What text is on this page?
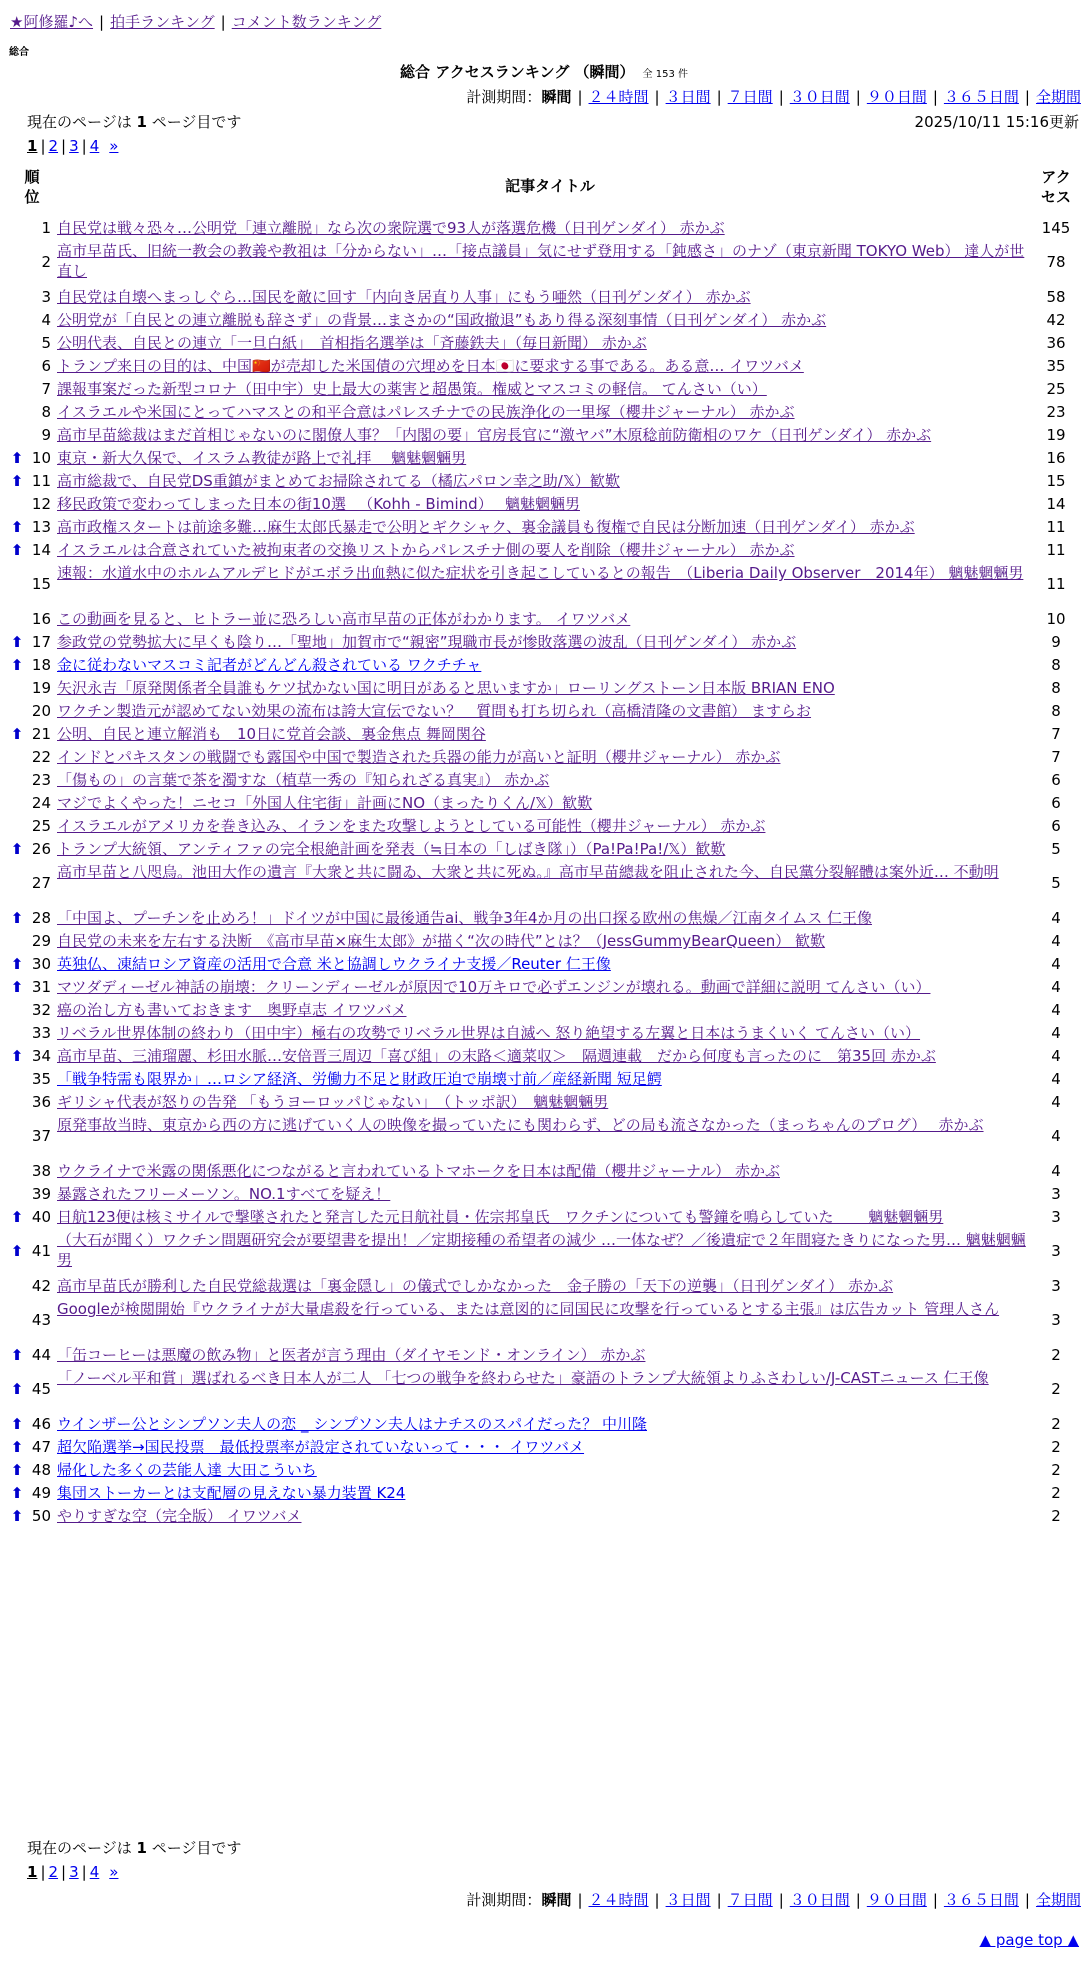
★阿修羅♪へ | 拍手ランキング | コメント数ランキング
総合
総合 アクセスランキング （瞬間） 全 153 件
計測期間：瞬間 | ２４時間 | ３日間 | ７日間 | ３０日間 | ９０日間 | ３６５日間 | 全期間
現在のページは 1 ページ目です	2025/10/11 15:16更新
1 | 2 | 3 | 4 »
順
位
記事タイトル	アク
セス
1 自民党は戦々恐々…公明党「連立離脱」なら次の衆院選で93人が落選危機（日刊ゲンダイ） 赤かぶ	145
2
高市早苗氏、旧統一教会の教義や教祖は「分からない」…「接点議員」気にせず登用する「鈍感さ」のナゾ（東京新聞 TOKYO Web） 達人が世直し	78
3 自民党は自壊へまっしぐら…国民を敵に回す「内向き居直り人事」にもう唖然（日刊ゲンダイ） 赤かぶ	58
4 公明党が「自民との連立離脱も辞さず」の背景…まさかの“国政撤退”もあり得る深刻事情（日刊ゲンダイ） 赤かぶ	42
5 公明代表、自民との連立「一旦白紙」　首相指名選挙は「斉藤鉄夫」（毎日新聞） 赤かぶ	36
6 トランプ来日の目的は、中国🇨🇳が売却した米国債の穴埋めを日本🇯🇵に要求する事である。ある意… イワツバメ	35
7 課報事案だった新型コロナ（田中宇）史上最大の薬害と超愚策。権威とマスコミの軽信。 てんさい（い）	25
8 イスラエルや米国にとってハマスとの和平合意はパレスチナでの民族浄化の一里塚（櫻井ジャーナル） 赤かぶ	23
9 高市早苗総裁はまだ首相じゃないのに閣僚人事？「内閣の要」官房長官に“激ヤバ”木原稔前防衛相のワケ（日刊ゲンダイ） 赤かぶ	19
⬆ 10 東京・新大久保で、イスラム教徒が路上で礼拝　 魑魅魍魎男	16
⬆ 11 高市総裁で、自民党DS重鎮がまとめてお掃除されてる（橘広パロン幸之助/𝕏）歓歎	15
12 移民政策で変わってしまった日本の街10選 　（Kohh - Bimind）　 魑魅魍魎男	14
⬆ 13 高市政権スタートは前途多難…麻生太郎氏暴走で公明とギクシャク、裏金議員も復権で自民は分断加速（日刊ゲンダイ） 赤かぶ	11
⬆ 14 イスラエルは合意されていた被拘束者の交換リストからパレスチナ側の要人を削除（櫻井ジャーナル） 赤かぶ	11
15
速報：水道水中のホルムアルデヒドがエボラ出血熱に似た症状を引き起こしているとの報告　（Liberia Daily Observer　2014年） 魑魅魍魎男
11
16 この動画を見ると、ヒトラー並に恐ろしい高市早苗の正体がわかります。 イワツバメ	10
⬆ 17 参政党の党勢拡大に早くも陰り…「聖地」加賀市で“親密”現職市長が惨敗落選の波乱（日刊ゲンダイ） 赤かぶ	9
⬆ 18 金に従わないマスコミ記者がどんどん殺されている ワクチチャ	8
19 矢沢永吉「原発関係者全員誰もケツ拭かない国に明日があると思いますか」ローリングストーン日本版 BRIAN ENO	8
20 ワクチン製造元が認めてない効果の流布は誇大宣伝でない？　質問も打ち切られ（高橋清隆の文書館） ますらお	8
⬆ 21 公明、自民と連立解消も　10日に党首会談、裏金焦点 舞岡関谷	7
22 インドとパキスタンの戦闘でも露国や中国で製造された兵器の能力が高いと証明（櫻井ジャーナル） 赤かぶ	7
23 「傷もの」の言葉で茶を濁すな（植草一秀の『知られざる真実』） 赤かぶ	6
24 マジでよくやった！ニセコ「外国人住宅街」計画にNO（まったりくん/𝕏）歓歎	6
25 イスラエルがアメリカを巻き込み、イランをまた攻撃しようとしている可能性（櫻井ジャーナル） 赤かぶ	6
⬆ 26 トランプ大統領、アンティファの完全根絶計画を発表（≒日本の「しばき隊」）（Pa!Pa!Pa!/𝕏）歓歎	5
27
高市早苗と八咫烏。池田大作の遺言『大衆と共に闘ゐ、大衆と共に死ぬ。』高市早苗總裁を阻止された今、自民黨分裂解體は案外近… 不動明
5
⬆ 28 「中国よ、プーチンを止めろ！」ドイツが中国に最後通告ai、戦争3年4か月の出口探る欧州の焦燥／江南タイムス 仁王像	4
29 自民党の未来を左右する決断　《高市早苗×麻生太郎》が描く“次の時代”とは？（JessGummyBearQueen） 歓歎	4
⬆ 30 英独仏、凍結ロシア資産の活用で合意 米と協調しウクライナ支援／Reuter 仁王像	4
⬆ 31 マツダディーゼル神話の崩壊：クリーンディーゼルが原因で10万キロで必ずエンジンが壊れる。動画で詳細に説明 てんさい（い）	4
32 癌の治し方も書いておきます　奥野卓志 イワツバメ	4
33 リベラル世界体制の終わり（田中宇）極右の攻勢でリベラル世界は自滅へ 怒り絶望する左翼と日本はうまくいく てんさい（い）	4
⬆ 34 高市早苗、三浦瑠麗、杉田水脈…安倍晋三周辺「喜び組」の末路＜適菜収＞　隔週連載　だから何度も言ったのに　第35回 赤かぶ	4
35 「戦争特需も限界か」…ロシア経済、労働力不足と財政圧迫で崩壊寸前／産経新聞 短足鰐	4
36 ギリシャ代表が怒りの告発 「もうヨーロッパじゃない」　（トッポ訳）　魑魅魍魎男	4
37
原発事故当時、東京から西の方に逃げていく人の映像を撮っていたにも関わらず、どの局も流さなかった（まっちゃんのブログ）　 赤かぶ
4
38 ウクライナで米露の関係悪化につながると言われているトマホークを日本は配備（櫻井ジャーナル） 赤かぶ	4
39 暴露されたフリーメーソン。NO.1すべてを疑え！	3
⬆ 40 日航123便は核ミサイルで撃墜されたと発言した元日航社員・佐宗邦皇氏　ワクチンについても警鐘を鳴らしていた　　 魑魅魍魎男	3
⬆ 41
（大石が聞く）ワクチン問題研究会が要望書を提出！／定期接種の希望者の減少 …一体なぜ？／後遺症で２年間寝たきりになった男… 魑魅魍魎男	3
42 高市早苗氏が勝利した自民党総裁選は「裏金隠し」の儀式でしかなかった　金子勝の「天下の逆襲」（日刊ゲンダイ） 赤かぶ	3
43
Googleが検閲開始『ウクライナが大量虐殺を行っている、または意図的に同国民に攻撃を行っているとする主張』は広告カット 管理人さん
3
⬆ 44 「缶コーヒーは悪魔の飲み物」と医者が言う理由（ダイヤモンド・オンライン） 赤かぶ	2
⬆ 45
「ノーベル平和賞」選ばれるべき日本人が二人 「七つの戦争を終わらせた」豪語のトランプ大統領よりふさわしい/J-CASTニュース 仁王像
2
⬆ 46 ウインザー公とシンプソン夫人の恋 _ シンプソン夫人はナチスのスパイだった？ 中川隆	2
⬆ 47 超欠陥選挙→国民投票　最低投票率が設定されていないって・・・ イワツバメ	2
⬆ 48 帰化した多くの芸能人達 大田こういち	2
⬆ 49 集団ストーカーとは支配層の見えない暴力装置 K24	2
⬆ 50 やりすぎな空（完全版） イワツバメ	2
現在のページは 1 ページ目です
1 | 2 | 3 | 4 »
計測期間：瞬間 | ２４時間 | ３日間 | ７日間 | ３０日間 | ９０日間 | ３６５日間 | 全期間
▲ page top ▲
